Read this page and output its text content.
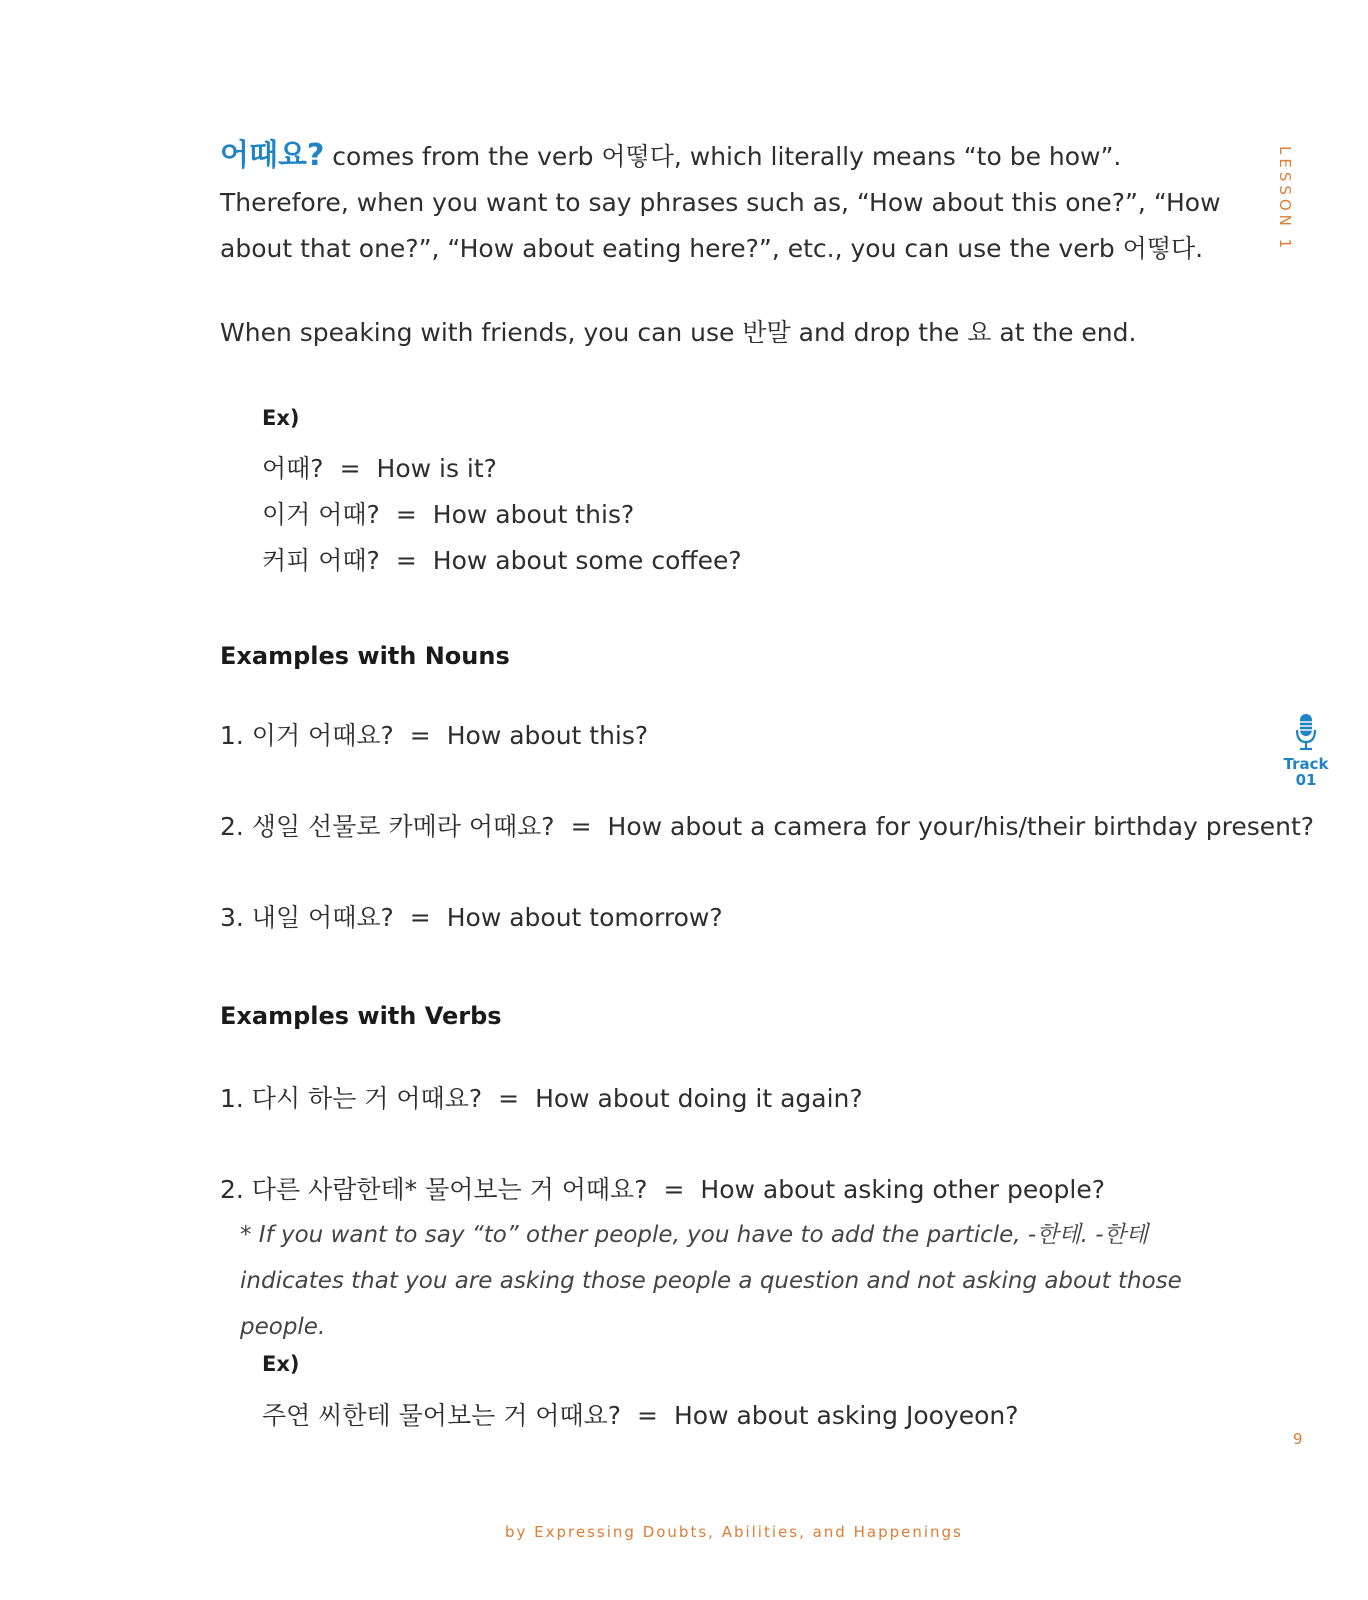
어때요? comes from the verb 어떻다, which literally means “to be how”. Therefore, when you want to say phrases such as, “How about this one?”, “How about that one?”, “How about eating here?”, etc., you can use the verb 어떻다.
When speaking with friends, you can use 반말 and drop the 요 at the end.
Ex)
어때? = How is it?
이거 어때? = How about this?
커피 어때? = How about some coffee?
Examples with Nouns
1. 이거 어때요? = How about this?
2. 생일 선물로 카메라 어때요? = How about a camera for your/his/their birthday present?
3. 내일 어때요? = How about tomorrow?
Examples with Verbs
1. 다시 하는 거 어때요? = How about doing it again?
2. 다른 사람한테* 물어보는 거 어때요? = How about asking other people?
* If you want to say “to” other people, you have to add the particle, -한테. -한테 indicates that you are asking those people a question and not asking about those people.
Ex)
주연 씨한테 물어보는 거 어때요? = How about asking Jooyeon?
LESSON 1
Track
01
9
by Expressing Doubts, Abilities, and Happenings
